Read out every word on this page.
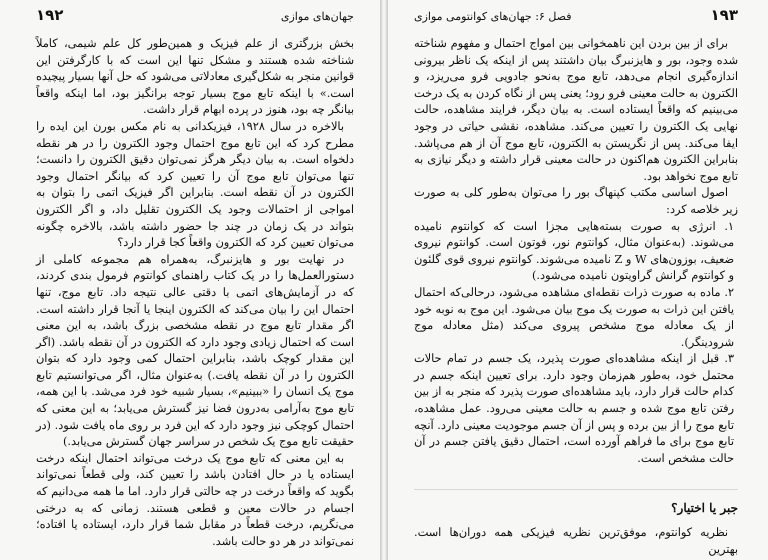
جهان‌های موازی
۱۹۲

بخش بزرگتری از علم فیزیک و همین‌طور کل علم شیمی، کاملاً شناخته شده هستند و مشکل تنها این است که با کارگرفتن این قوانین منجر به شکل‌گیری معادلاتی می‌شود که حل آنها بسیار پیچیده است.» با اینکه تابع موج بسیار توجه برانگیز بود، اما اینکه واقعاً بیانگر چه بود، هنوز در پرده ابهام قرار داشت.

بالاخره در سال ۱۹۲۸، فیزیکدانی به نام مکس بورن این ایده را مطرح کرد که این تابع موج احتمال وجود الکترون را در هر نقطه دلخواه است. به بیان دیگر هرگز نمی‌توان دقیق الکترون را دانست؛ تنها می‌توان تابع موج آن را تعیین کرد که بیانگر احتمال وجود الکترون در آن نقطه است. بنابراین اگر فیزیک اتمی را بتوان به امواجی از احتمالات وجود یک الکترون تقلیل داد، و اگر الکترون بتواند در یک زمان در چند جا حضور داشته باشد، بالاخره چگونه می‌توان تعیین کرد که الکترون واقعاً کجا قرار دارد؟

در نهایت بور و هایزنبرگ، به‌همراه هم مجموعه کاملی از دستورالعمل‌ها را در یک کتاب راهنمای کوانتوم فرمول بندی کردند، که در آزمایش‌های اتمی با دقتی عالی نتیجه داد. تابع موج، تنها احتمال این را بیان می‌کند که الکترون اینجا یا آنجا قرار داشته است. اگر مقدار تابع موج در نقطه مشخصی بزرگ باشد، به این معنی است که احتمال زیادی وجود دارد که الکترون در آن نقطه باشد. (اگر این مقدار کوچک باشد، بنابراین احتمال کمی وجود دارد که بتوان الکترون را در آن نقطه یافت.) به‌عنوان مثال، اگر می‌توانستیم تابع موج یک انسان را «ببینیم»، بسیار شبیه خود فرد می‌شد. با این همه، تابع موج به‌آرامی به‌درون فضا نیز گسترش می‌یابد؛ به این معنی که احتمال کوچکی نیز وجود دارد که این فرد بر روی ماه یافت شود. (در حقیقت تابع موج یک شخص در سراسر جهان گسترش می‌یابد.)

به این معنی که تابع موج یک درخت می‌تواند احتمال اینکه درخت ایستاده یا در حال افتادن باشد را تعیین کند، ولی قطعاً نمی‌تواند بگوید که واقعاً درخت در چه حالتی قرار دارد. اما ما همه می‌دانیم که اجسام در حالات معین و قطعی هستند. زمانی که به درختی می‌نگریم، درخت قطعاً در مقابل شما قرار دارد، ایستاده یا افتاده؛ نمی‌تواند در هر دو حالت باشد.

۱۹۳
فصل ۶: جهان‌های کوانتومی موازی

برای از بین بردن این ناهمخوانی بین امواج احتمال و مفهوم شناخته شده وجود، بور و هایزنبرگ بیان داشتند پس از اینکه یک ناظر بیرونی اندازه‌گیری انجام می‌دهد، تابع موج به‌نحو جادویی فرو می‌ریزد، و الکترون به حالت معینی فرو رود؛ یعنی پس از نگاه کردن به یک درخت می‌بینیم که واقعاً ایستاده است. به بیان دیگر، فرایند مشاهده، حالت نهایی یک الکترون را تعیین می‌کند. مشاهده، نقشی حیاتی در وجود ایفا می‌کند. پس از نگریستن به الکترون، تابع موج آن از هم می‌پاشد. بنابراین الکترون هم‌اکنون در حالت معینی قرار داشته و دیگر نیازی به تابع موج نخواهد بود.

اصول اساسی مکتب کپنهاگ بور را می‌توان به‌طور کلی به صورت زیر خلاصه کرد:

۱. انرژی به صورت بسته‌هایی مجزا است که کوانتوم نامیده می‌شوند. (به‌عنوان مثال، کوانتوم نور، فوتون است. کوانتوم نیروی ضعیف، بوزون‌های W و Z نامیده می‌شوند. کوانتوم نیروی قوی گلئون و کوانتوم گرانش گراویتون نامیده می‌شود.)

۲. ماده به صورت ذرات نقطه‌ای مشاهده می‌شود، درحالی‌که احتمال یافتن این ذرات به صورت یک موج بیان می‌شود. این موج به نوبه خود از یک معادله موج مشخص پیروی می‌کند (مثل معادله موج شرودینگر).

۳. قبل از اینکه مشاهده‌ای صورت پذیرد، یک جسم در تمام حالات محتمل خود، به‌طور هم‌زمان وجود دارد. برای تعیین اینکه جسم در کدام حالت قرار دارد، باید مشاهده‌ای صورت پذیرد که منجر به از بین رفتن تابع موج شده و جسم به حالت معینی می‌رود. عمل مشاهده، تابع موج را از بین برده و پس از آن جسم موجودیت معینی دارد. آنچه تابع موج برای ما فراهم آورده است، احتمال دقیق یافتن جسم در آن حالت مشخص است.

جبر یا اختیار؟

نظریه کوانتوم، موفق‌ترین نظریه فیزیکی همه دوران‌ها است. بهترین
